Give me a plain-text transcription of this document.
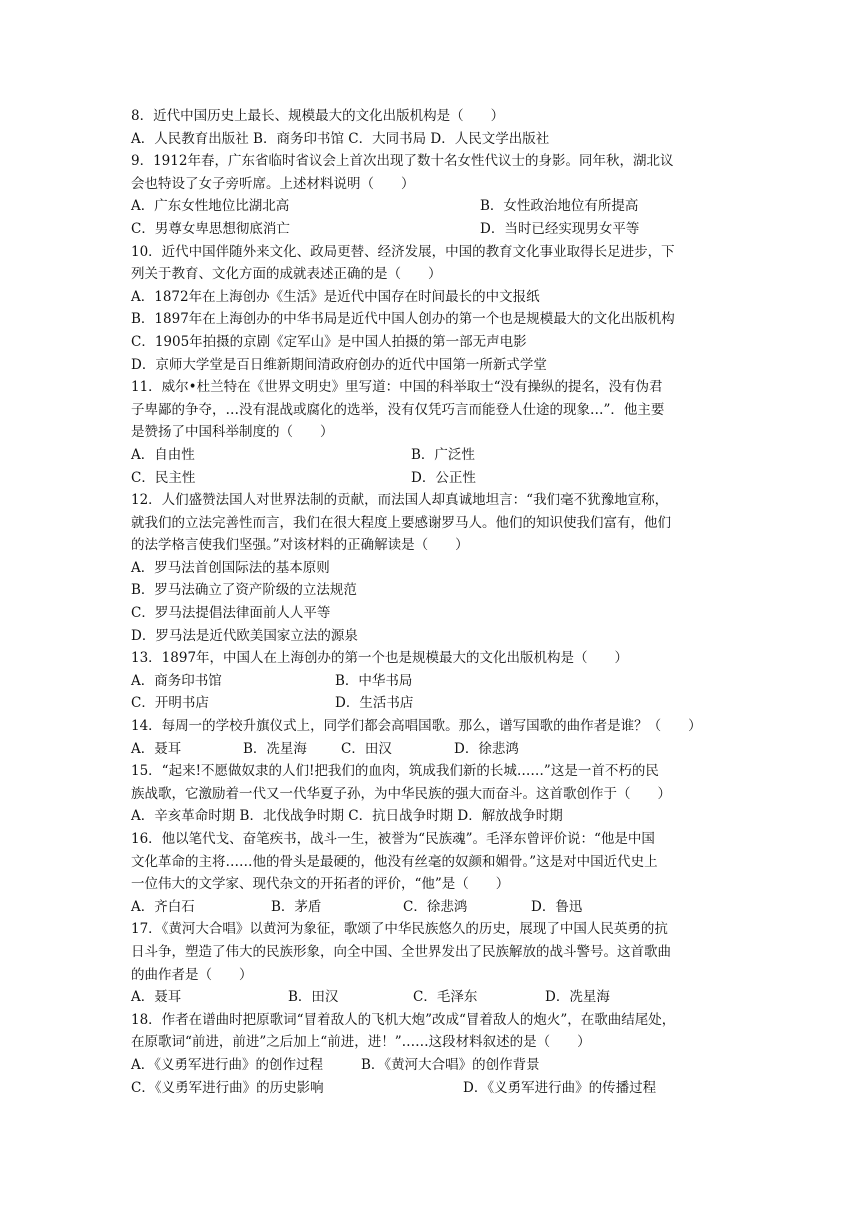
8．近代中国历史上最长、规模最大的文化出版机构是（　　）
A．人民教育出版社 B．商务印书馆 C．大同书局 D．人民文学出版社
9．1912年春，广东省临时省议会上首次出现了数十名女性代议士的身影。同年秋，湖北议
会也特设了女子旁听席。上述材料说明（　　）
A．广东女性地位比湖北高	B．女性政治地位有所提高
C．男尊女卑思想彻底消亡	D．当时已经实现男女平等
10．近代中国伴随外来文化、政局更替、经济发展，中国的教育文化事业取得长足进步，下
列关于教育、文化方面的成就表述正确的是（　　）
A．1872年在上海创办《生活》是近代中国存在时间最长的中文报纸
B．1897年在上海创办的中华书局是近代中国人创办的第一个也是规模最大的文化出版机构
C．1905年拍摄的京剧《定军山》是中国人拍摄的第一部无声电影
D．京师大学堂是百日维新期间清政府创办的近代中国第一所新式学堂
11．威尔•杜兰特在《世界文明史》里写道：中国的科举取士“没有操纵的提名，没有伪君
子卑鄙的争夺，…没有混战或腐化的选举，没有仅凭巧言而能登人仕途的现象…”．他主要
是赞扬了中国科举制度的（　　）
A．自由性	B．广泛性
C．民主性	D．公正性
12．人们盛赞法国人对世界法制的贡献，而法国人却真诚地坦言：“我们毫不犹豫地宣称，
就我们的立法完善性而言，我们在很大程度上要感谢罗马人。他们的知识使我们富有，他们
的法学格言使我们坚强。”对该材料的正确解读是（　　）
A．罗马法首创国际法的基本原则
B．罗马法确立了资产阶级的立法规范
C．罗马法提倡法律面前人人平等
D．罗马法是近代欧美国家立法的源泉
13．1897年，中国人在上海创办的第一个也是规模最大的文化出版机构是（　　）
A．商务印书馆	B．中华书局
C．开明书店	D．生活书店
14．每周一的学校升旗仪式上，同学们都会高唱国歌。那么，谱写国歌的曲作者是谁？（　　）
A．聂耳	B．冼星海	C．田汉	D．徐悲鸿
15．“起来!不愿做奴隶的人们!把我们的血肉，筑成我们新的长城……”这是一首不朽的民
族战歌，它激励着一代又一代华夏子孙，为中华民族的强大而奋斗。这首歌创作于（　　）
A．辛亥革命时期 B．北伐战争时期 C．抗日战争时期 D．解放战争时期
16．他以笔代戈、奋笔疾书，战斗一生，被誉为“民族魂”。毛泽东曾评价说：“他是中国
文化革命的主将……他的骨头是最硬的，他没有丝毫的奴颜和媚骨。”这是对中国近代史上
一位伟大的文学家、现代杂文的开拓者的评价，“他”是（　　）
A．齐白石	B．茅盾	C．徐悲鸿	D．鲁迅
17．《黄河大合唱》以黄河为象征，歌颂了中华民族悠久的历史，展现了中国人民英勇的抗
日斗争，塑造了伟大的民族形象，向全中国、全世界发出了民族解放的战斗警号。这首歌曲
的曲作者是（　　）
A．聂耳	B．田汉	C．毛泽东	D．冼星海
18．作者在谱曲时把原歌词“冒着敌人的飞机大炮”改成“冒着敌人的炮火”，在歌曲结尾处，
在原歌词“前进，前进”之后加上“前进，进！”……这段材料叙述的是（　　）
A．《义勇军进行曲》的创作过程	B．《黄河大合唱》的创作背景
C．《义勇军进行曲》的历史影响	D．《义勇军进行曲》的传播过程
